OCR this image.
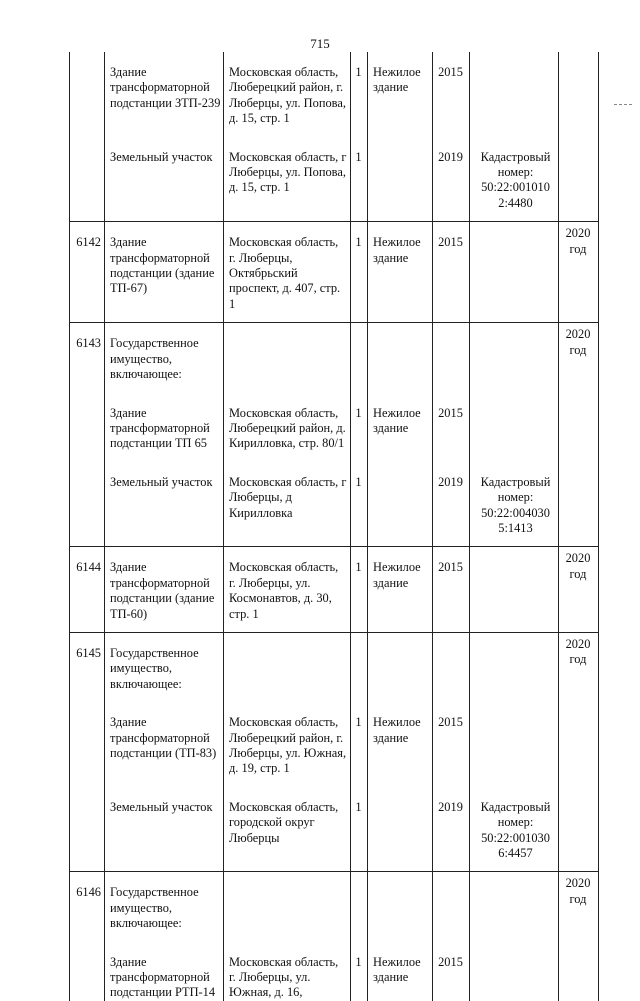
715
	Здание трансформаторной подстанции ЗТП-239	Московская область, Люберецкий район, г. Люберцы, ул. Попова, д. 15, стр. 1	1	Нежилое здание	2015		
	Земельный участок	Московская область, г Люберцы, ул. Попова, д. 15, стр. 1	1		2019	Кадастровый номер: 50:22:001010 2:4480	
6142	Здание трансформаторной подстанции (здание ТП-67)	Московская область, г. Люберцы, Октябрьский проспект, д. 407, стр. 1	1	Нежилое здание	2015		2020 год
6143	Государственное имущество, включающее:						2020 год
	Здание трансформаторной подстанции ТП 65	Московская область, Люберецкий район, д. Кирилловка, стр. 80/1	1	Нежилое здание	2015		
	Земельный участок	Московская область, г Люберцы, д Кирилловка	1		2019	Кадастровый номер: 50:22:004030 5:1413	
6144	Здание трансформаторной подстанции (здание ТП-60)	Московская область, г. Люберцы, ул. Космонавтов, д. 30, стр. 1	1	Нежилое здание	2015		2020 год
6145	Государственное имущество, включающее:						2020 год
	Здание трансформаторной подстанции (ТП-83)	Московская область, Люберецкий район, г. Люберцы, ул. Южная, д. 19, стр. 1	1	Нежилое здание	2015		
	Земельный участок	Московская область, городской округ Люберцы	1		2019	Кадастровый номер: 50:22:001030 6:4457	
6146	Государственное имущество, включающее:						2020 год
	Здание трансформаторной подстанции РТП-14	Московская область, г. Люберцы, ул. Южная, д. 16,	1	Нежилое здание	2015		
